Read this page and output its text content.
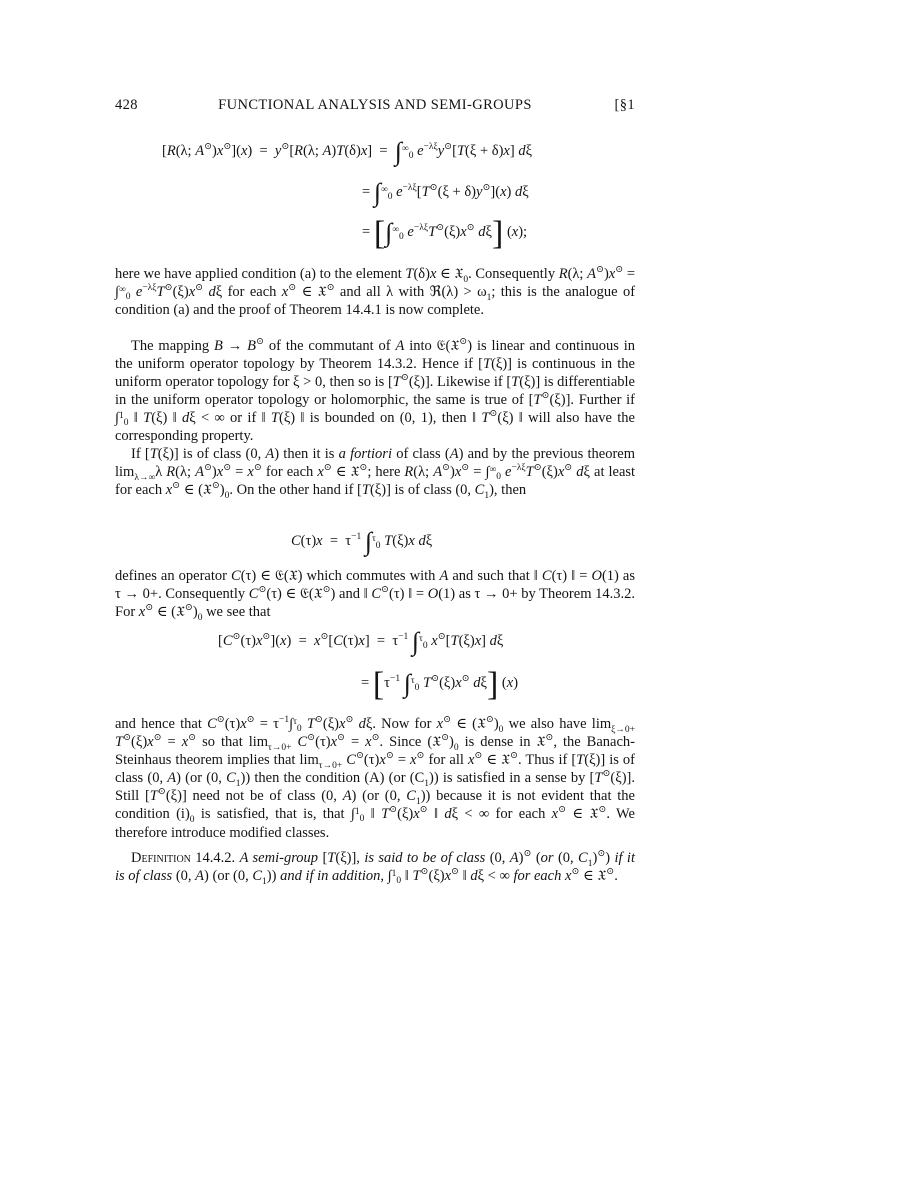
428	FUNCTIONAL ANALYSIS AND SEMI-GROUPS	[§1
[R(λ; A⊙)x⊙](x)  =  y⊙[R(λ; $A)T(\delta)x] = \int^\infty_0$ $e^{-\lambda\xi}y^⊙[T(\xi + \delta)x]$ dξ
= $\int^\infty_0$ $e^{-\lambda\xi}[T^⊙(\xi + \delta)y^⊙](x)$ dξ
= [$\int^\infty_0$ $e^{-\lambda\xi}T^⊙(\xi)x^⊙$ dξ] (x);
here we have applied condition (a) to the element T(δ)x ∈ 𝔛$_0$. Consequently R(λ; $A^⊙)x^⊙ = \int^\infty_0$ $e^{-\lambda\xi}T^⊙(\xi)x^⊙$ dξ for each x⊙ ∈ 𝔛⊙ and all λ with ℜ(λ) > $\omega_1$; this is the analogue of condition (a) and the proof of Theorem 14.4.1 is now complete.
The mapping B → B⊙ of the commutant of A into 𝔈(𝔛⊙) is linear and continuous in the uniform operator topology by Theorem 14.3.2. Hence if [T(ξ)] is continuous in the uniform operator topology for ξ > 0, then so is [T⊙(ξ)]. Likewise if [T(ξ)] is differentiable in the uniform operator topology or holomorphic, the same is true of [T⊙(ξ)]. Further if ∫$^1_0$ ‖ T(ξ) ‖ dξ < ∞ or if ‖ T(ξ) ‖ is bounded on (0, 1), then ‖ T⊙(ξ) ‖ will also have the corresponding property.
If [T(ξ)] is of class (0, A) then it is a fortiori of class (A) and by the previous theorem $\lim_{\lambda\to\infty}\lambda$ R(λ; A⊙)x⊙ = x⊙ for each x⊙ ∈ 𝔛⊙; here R(λ; $A^⊙)x^⊙ = \int^\infty_0$ $e^{-\lambda\xi}T^⊙(\xi)x^⊙$ dξ at least for each x⊙ ∈ $(𝔛^⊙)_0$. On the other hand if [T(ξ)] is of class (0, $C_1$), then
$C(\tau)x = \tau^{-1}$ ∫$^\tau_0$ T(ξ)x dξ
defines an operator C(τ) ∈ 𝔈(𝔛) which commutes with A and such that ‖ C(τ) ‖ = O(1) as τ → 0+. Consequently C⊙(τ) ∈ 𝔈(𝔛⊙) and ‖ C⊙(τ) ‖ = O(1) as τ → 0+ by Theorem 14.3.2. For x⊙ ∈ $(𝔛^⊙)_0$ we see that
$[C^⊙(\tau)x^⊙](x) = x^⊙[C(\tau)x] = \tau^{-1}$ ∫$^\tau_0$ x⊙[T(ξ)x] dξ
= [$\tau^{-1}$ ∫$^\tau_0$ T⊙(ξ)x⊙ dξ] (x)
and hence that $C^⊙(\tau)x^⊙ = \tau^{-1}\int^\tau_0$ T⊙(ξ)x⊙ dξ. Now for x⊙ ∈ $(𝔛^⊙)_0$ we also have $\lim_{\xi\to 0+} T^⊙(\xi)x^⊙ = x^⊙$ so that $\lim_{\tau\to 0+} C^⊙(\tau)x^⊙ = x^⊙$. Since $(𝔛^⊙)_0$ is dense in 𝔛⊙, the Banach-Steinhaus theorem implies that $\lim_{\tau\to 0+} C^⊙(\tau)x^⊙ = x^⊙$ for all x⊙ ∈ 𝔛⊙. Thus if [T(ξ)] is of class (0, A) (or (0, $C_1$)) then the condition (A) (or $(C_1)$) is satisfied in a sense by [T⊙(ξ)]. Still [T⊙(ξ)] need not be of class (0, A) (or (0, $C_1$)) because it is not evident that the condition $(i)_0$ is satisfied, that is, that ∫$^1_0$ ‖ T⊙(ξ)x⊙ ‖ dξ < ∞ for each x⊙ ∈ 𝔛⊙. We therefore introduce modified classes.
Definition 14.4.2. A semi-group [T(ξ)], is said to be of class (0, A)⊙ (or (0, $C_1)^⊙$) if it is of class (0, A) (or (0, $C_1$)) and if in addition, ∫$^1_0$ ‖ T⊙(ξ)x⊙ ‖ dξ < ∞ for each x⊙ ∈ 𝔛⊙.
